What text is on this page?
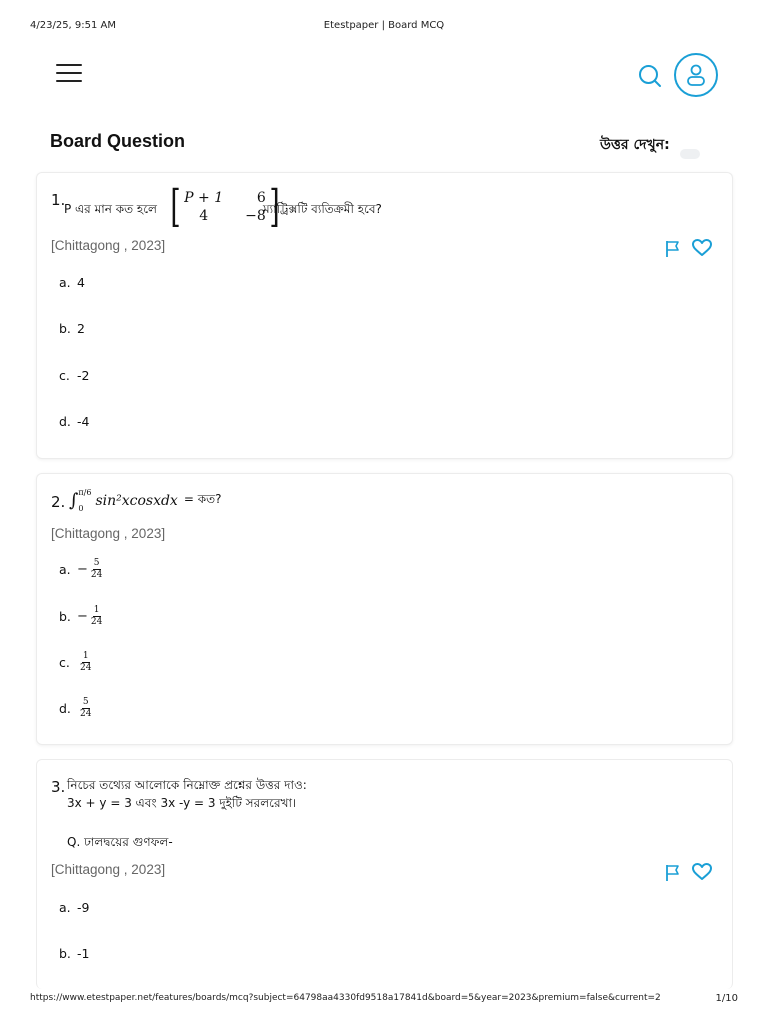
4/23/25, 9:51 AM	Etestpaper | Board MCQ
Board Question	উত্তর দেখুন:
1.
P এর মান কত হলে [ P + 1	6
4	−8 ]
ম্যাট্রিক্সটি ব্যতিক্রমী হবে?
[Chittagong , 2023]
a. 4
b. 2
c. -2
d. -4
2. ∫ π/6
0 sin²xcosxdx = কত?
[Chittagong , 2023]
a. − $\frac{5}{24}$
b. − $\frac{1}{24}$
c.	$\frac{1}{24}$
d.	$\frac{5}{24}$
3. নিচের তথ্যের আলোকে নিম্নোক্ত প্রশ্নের উত্তর দাও:
3x + y = 3 এবং 3x -y = 3 দুইটি সরলরেখা।
Q. ঢালদ্বয়ের গুণফল-
[Chittagong , 2023]
a. -9
b. -1
https://www.etestpaper.net/features/boards/mcq?subject=64798aa4330fd9518a17841d&board=5&year=2023&premium=false&current=2	1/10
